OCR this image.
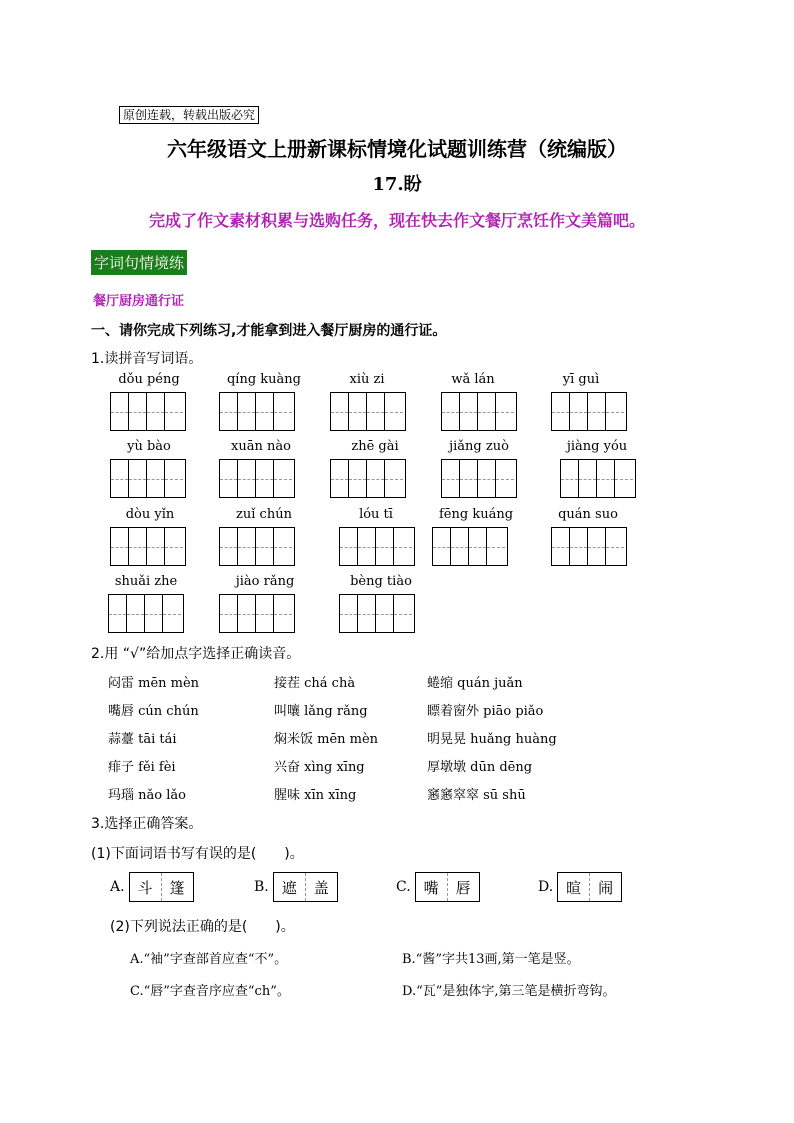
原创连载，转载出版必究
六年级语文上册新课标情境化试题训练营（统编版）
17.盼
完成了作文素材积累与选购任务，现在快去作文餐厅烹饪作文美篇吧。
字词句情境练
餐厅厨房通行证
一、请你完成下列练习,才能拿到进入餐厅厨房的通行证。
1.读拼音写词语。
dǒu péng	qíng kuàng	xiù zi	wǎ lán	yī guì
yù bào	xuān nào	zhē gài	jiǎng zuò	jiàng yóu
dòu yǐn	zuǐ chún	lóu tī	fēng kuáng	quán suo
shuǎi zhe	jiào rǎng	bèng tiào
2.用 “√”给加点字选择正确读音。
闷雷 mēn mèn	接茬 chá chà	蜷缩 quán juǎn
嘴唇 cún chún	叫嚷 lǎng rǎng	瞟着窗外 piāo piǎo
蒜薹 tāi tái	焖米饭 mēn mèn	明晃晃 huǎng huàng
痱子 fěi fèi	兴奋 xìng xīng	厚墩墩 dūn dēng
玛瑙 nǎo lǎo	腥味 xīn xīng	窸窸窣窣 sū shū
3.选择正确答案。
(1)下面词语书写有误的是(　　)。
A. 斗	篷	B. 遮	盖	C. 嘴	唇	D. 暄	闹
(2)下列说法正确的是(　　)。
A.“袖”字查部首应查“不”。	B.“酱”字共13画,第一笔是竖。
C.“唇”字查音序应查“ch”。	D.“瓦”是独体字,第三笔是横折弯钩。
